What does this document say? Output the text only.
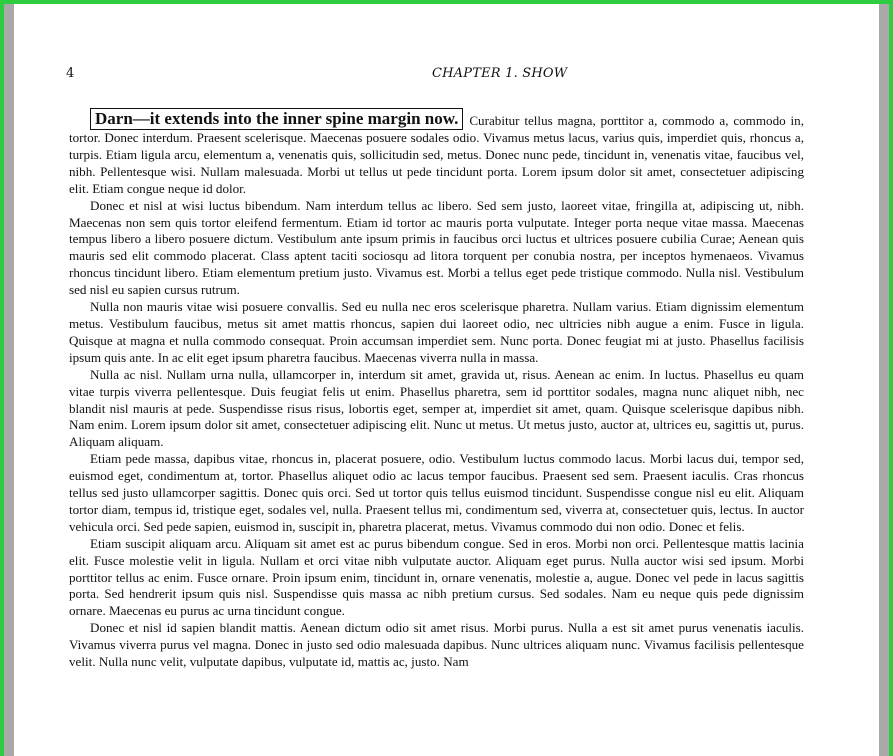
4	CHAPTER 1. SHOW

Darn—it extends into the inner spine margin now. Curabitur tellus magna, porttitor a, commodo a, commodo in, tortor. Donec interdum. Praesent scelerisque. Maecenas posuere sodales odio. Vivamus metus lacus, varius quis, imperdiet quis, rhoncus a, turpis. Etiam ligula arcu, elementum a, venenatis quis, sollicitudin sed, metus. Donec nunc pede, tincidunt in, venenatis vitae, faucibus vel, nibh. Pellentesque wisi. Nullam malesuada. Morbi ut tellus ut pede tincidunt porta. Lorem ipsum dolor sit amet, consectetuer adipiscing elit. Etiam congue neque id dolor.

Donec et nisl at wisi luctus bibendum. Nam interdum tellus ac libero. Sed sem justo, laoreet vitae, fringilla at, adipiscing ut, nibh. Maecenas non sem quis tortor eleifend fermentum. Etiam id tortor ac mauris porta vulputate. Integer porta neque vitae massa. Maecenas tempus libero a libero posuere dictum. Vestibulum ante ipsum primis in faucibus orci luctus et ultrices posuere cubilia Curae; Aenean quis mauris sed elit commodo placerat. Class aptent taciti sociosqu ad litora torquent per conubia nostra, per inceptos hymenaeos. Vivamus rhoncus tincidunt libero. Etiam elementum pretium justo. Vivamus est. Morbi a tellus eget pede tristique commodo. Nulla nisl. Vestibulum sed nisl eu sapien cursus rutrum.

Nulla non mauris vitae wisi posuere convallis. Sed eu nulla nec eros scelerisque pharetra. Nullam varius. Etiam dignissim elementum metus. Vestibulum faucibus, metus sit amet mattis rhoncus, sapien dui laoreet odio, nec ultricies nibh augue a enim. Fusce in ligula. Quisque at magna et nulla commodo consequat. Proin accumsan imperdiet sem. Nunc porta. Donec feugiat mi at justo. Phasellus facilisis ipsum quis ante. In ac elit eget ipsum pharetra faucibus. Maecenas viverra nulla in massa.

Nulla ac nisl. Nullam urna nulla, ullamcorper in, interdum sit amet, gravida ut, risus. Aenean ac enim. In luctus. Phasellus eu quam vitae turpis viverra pellentesque. Duis feugiat felis ut enim. Phasellus pharetra, sem id porttitor sodales, magna nunc aliquet nibh, nec blandit nisl mauris at pede. Suspendisse risus risus, lobortis eget, semper at, imperdiet sit amet, quam. Quisque scelerisque dapibus nibh. Nam enim. Lorem ipsum dolor sit amet, consectetuer adipiscing elit. Nunc ut metus. Ut metus justo, auctor at, ultrices eu, sagittis ut, purus. Aliquam aliquam.

Etiam pede massa, dapibus vitae, rhoncus in, placerat posuere, odio. Vestibulum luctus commodo lacus. Morbi lacus dui, tempor sed, euismod eget, condimentum at, tortor. Phasellus aliquet odio ac lacus tempor faucibus. Praesent sed sem. Praesent iaculis. Cras rhoncus tellus sed justo ullamcorper sagittis. Donec quis orci. Sed ut tortor quis tellus euismod tincidunt. Suspendisse congue nisl eu elit. Aliquam tortor diam, tempus id, tristique eget, sodales vel, nulla. Praesent tellus mi, condimentum sed, viverra at, consectetuer quis, lectus. In auctor vehicula orci. Sed pede sapien, euismod in, suscipit in, pharetra placerat, metus. Vivamus commodo dui non odio. Donec et felis.

Etiam suscipit aliquam arcu. Aliquam sit amet est ac purus bibendum congue. Sed in eros. Morbi non orci. Pellentesque mattis lacinia elit. Fusce molestie velit in ligula. Nullam et orci vitae nibh vulputate auctor. Aliquam eget purus. Nulla auctor wisi sed ipsum. Morbi porttitor tellus ac enim. Fusce ornare. Proin ipsum enim, tincidunt in, ornare venenatis, molestie a, augue. Donec vel pede in lacus sagittis porta. Sed hendrerit ipsum quis nisl. Suspendisse quis massa ac nibh pretium cursus. Sed sodales. Nam eu neque quis pede dignissim ornare. Maecenas eu purus ac urna tincidunt congue.

Donec et nisl id sapien blandit mattis. Aenean dictum odio sit amet risus. Morbi purus. Nulla a est sit amet purus venenatis iaculis. Vivamus viverra purus vel magna. Donec in justo sed odio malesuada dapibus. Nunc ultrices aliquam nunc. Vivamus facilisis pellentesque velit. Nulla nunc velit, vulputate dapibus, vulputate id, mattis ac, justo. Nam
